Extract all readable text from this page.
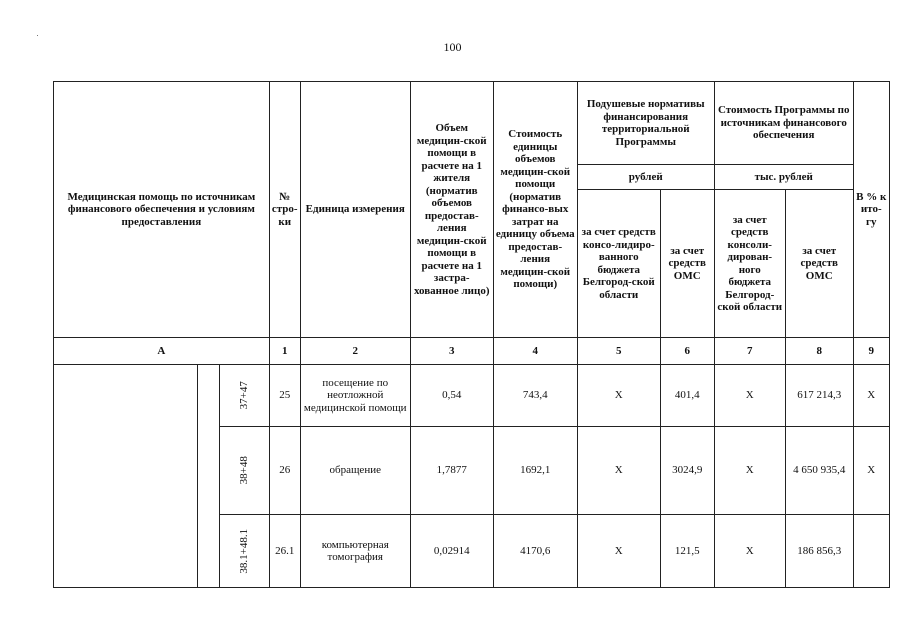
100
Медицинская помощь по источникам финансового обеспечения и условиям предоставления			№ стро-ки	Единица измерения	Объем медицин-ской помощи в расчете на 1 жителя (норматив объемов предостав-ления медицин-ской помощи в расчете на 1 застра-хованное лицо)	Стоимость единицы объемов медицин-ской помощи (норматив финансо-вых затрат на единицу объема предостав-ления медицин-ской помощи)	Подушевые нормативы финансирования территориальной Программы		Стоимость Программы по источникам финансового обеспечения		В % к ито-гу
							рублей		тыс. рублей		
							за счет средств консо-лидиро-ванного бюджета Белгород-ской области	за счет средств ОМС	за счет средств консоли-дирован-ного бюджета Белгород-ской области	за счет средств ОМС	
А			1	2	3	4	5	6	7	8	9

		37+47	25	посещение по неотложной медицинской помощи	0,54	743,4	Х	401,4	Х	617 214,3	Х

		38+48	26	обращение	1,7877	1692,1	Х	3024,9	Х	4 650 935,4	Х

		38.1+48.1	26.1	компьютерная томография	0,02914	4170,6	Х	121,5	Х	186 856,3	
